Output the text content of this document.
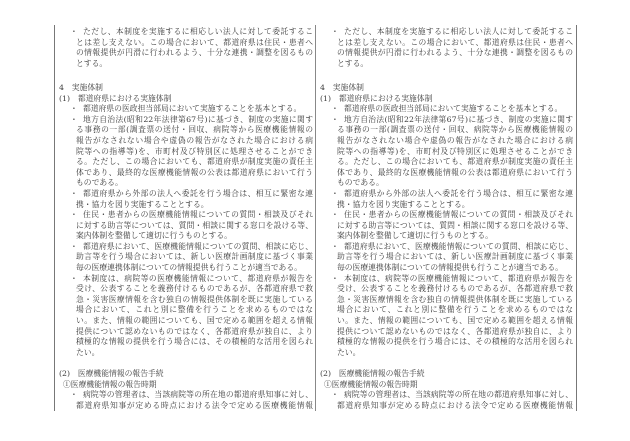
・ ただし、本制度を実施するに相応しい法人に対して委託するこ
とは差し支えない。この場合において、都道府県は住民・患者へ
の情報提供が円滑に行われるよう、十分な連携・調整を図るもの
とする。
4　実施体制
(1)　都道府県における実施体制
・ 都道府県の医政担当部局において実施することを基本とする。
・ 地方自治法(昭和22年法律第67号)に基づき、制度の実施に関す
る事務の一部(調査票の送付・回収、病院等から医療機能情報の
報告がなされない場合や虚偽の報告がなされた場合における病
院等への指導等)を、市町村及び特別区に処理させることができ
る。ただし、この場合においても、都道府県が制度実施の責任主
体であり、最終的な医療機能情報の公表は都道府県において行う
ものである。
・ 都道府県から外部の法人へ委託を行う場合は、相互に緊密な連
携・協力を図り実施することとする。
・ 住民・患者からの医療機能情報についての質問・相談及びそれ
に対する助言等については、質問・相談に関する窓口を設ける等、
案内体制を整備して適切に行うものとする。
・ 都道府県において、医療機能情報についての質問、相談に応じ、
助言等を行う場合においては、新しい医療計画制度に基づく事業
毎の医療連携体制についての情報提供も行うことが適当である。
・ 本制度は、病院等の医療機能情報について、都道府県が報告を
受け、公表することを義務付けるものであるが、各都道府県で救
急・災害医療情報を含む独自の情報提供体制を既に実施している
場合において、これと別に整備を行うことを求めるものではな
い。また、情報の範囲についても、国で定める範囲を超える情報
提供について認めないものではなく、各都道府県が独自に、より
積極的な情報の提供を行う場合には、その積極的な活用を図られ
たい。
(2)　医療機能情報の報告手続
①医療機能情報の報告時期
・ 病院等の管理者は、当該病院等の所在地の都道府県知事に対し、
都道府県知事が定める時点における法令で定める医療機能情報
・ ただし、本制度を実施するに相応しい法人に対して委託するこ
とは差し支えない。この場合において、都道府県は住民・患者へ
の情報提供が円滑に行われるよう、十分な連携・調整を図るもの
とする。
4　実施体制
(1)　都道府県における実施体制
・ 都道府県の医政担当部局において実施することを基本とする。
・ 地方自治法(昭和22年法律第67号)に基づき、制度の実施に関す
る事務の一部(調査票の送付・回収、病院等から医療機能情報の
報告がなされない場合や虚偽の報告がなされた場合における病
院等への指導等)を、市町村及び特別区に処理させることができ
る。ただし、この場合においても、都道府県が制度実施の責任主
体であり、最終的な医療機能情報の公表は都道府県において行う
ものである。
・ 都道府県から外部の法人へ委託を行う場合は、相互に緊密な連
携・協力を図り実施することとする。
・ 住民・患者からの医療機能情報についての質問・相談及びそれ
に対する助言等については、質問・相談に関する窓口を設ける等、
案内体制を整備して適切に行うものとする。
・ 都道府県において、医療機能情報についての質問、相談に応じ、
助言等を行う場合においては、新しい医療計画制度に基づく事業
毎の医療連携体制についての情報提供も行うことが適当である。
・ 本制度は、病院等の医療機能情報について、都道府県が報告を
受け、公表することを義務付けるものであるが、各都道府県で救
急・災害医療情報を含む独自の情報提供体制を既に実施している
場合において、これと別に整備を行うことを求めるものではな
い。また、情報の範囲についても、国で定める範囲を超える情報
提供について認めないものではなく、各都道府県が独自に、より
積極的な情報の提供を行う場合には、その積極的な活用を図られ
たい。
(2)　医療機能情報の報告手続
①医療機能情報の報告時期
・ 病院等の管理者は、当該病院等の所在地の都道府県知事に対し、
都道府県知事が定める時点における法令で定める医療機能情報
